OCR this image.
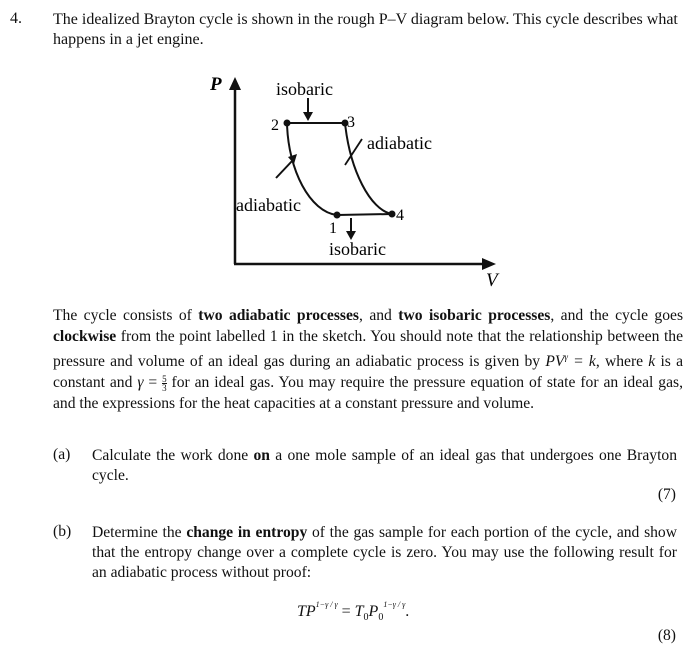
4. The idealized Brayton cycle is shown in the rough P–V diagram below. This cycle describes what happens in a jet engine.
P
V
1
2	3
4
isobaric
adiabatic
adiabatic
isobaric
The cycle consists of two adiabatic processes, and two isobaric processes, and the cycle goes clockwise from the point labelled 1 in the sketch. You should note that the relationship between the pressure and volume of an ideal gas during an adiabatic process is given by $PV^\gamma = k$, where k is a constant and $\gamma = \frac{5}{3}$ for an ideal gas. You may require the pressure equation of state for an ideal gas, and the expressions for the heat capacities at a constant pressure and volume.
(a) Calculate the work done on a one mole sample of an ideal gas that undergoes one Brayton cycle.
(7)
(b) Determine the change in entropy of the gas sample for each portion of the cycle, and show that the entropy change over a complete cycle is zero. You may use the following result for an adiabatic process without proof:
$TP^{1-\gamma / \gamma} = T_0P_0^{1-\gamma / \gamma}$.
(8)
